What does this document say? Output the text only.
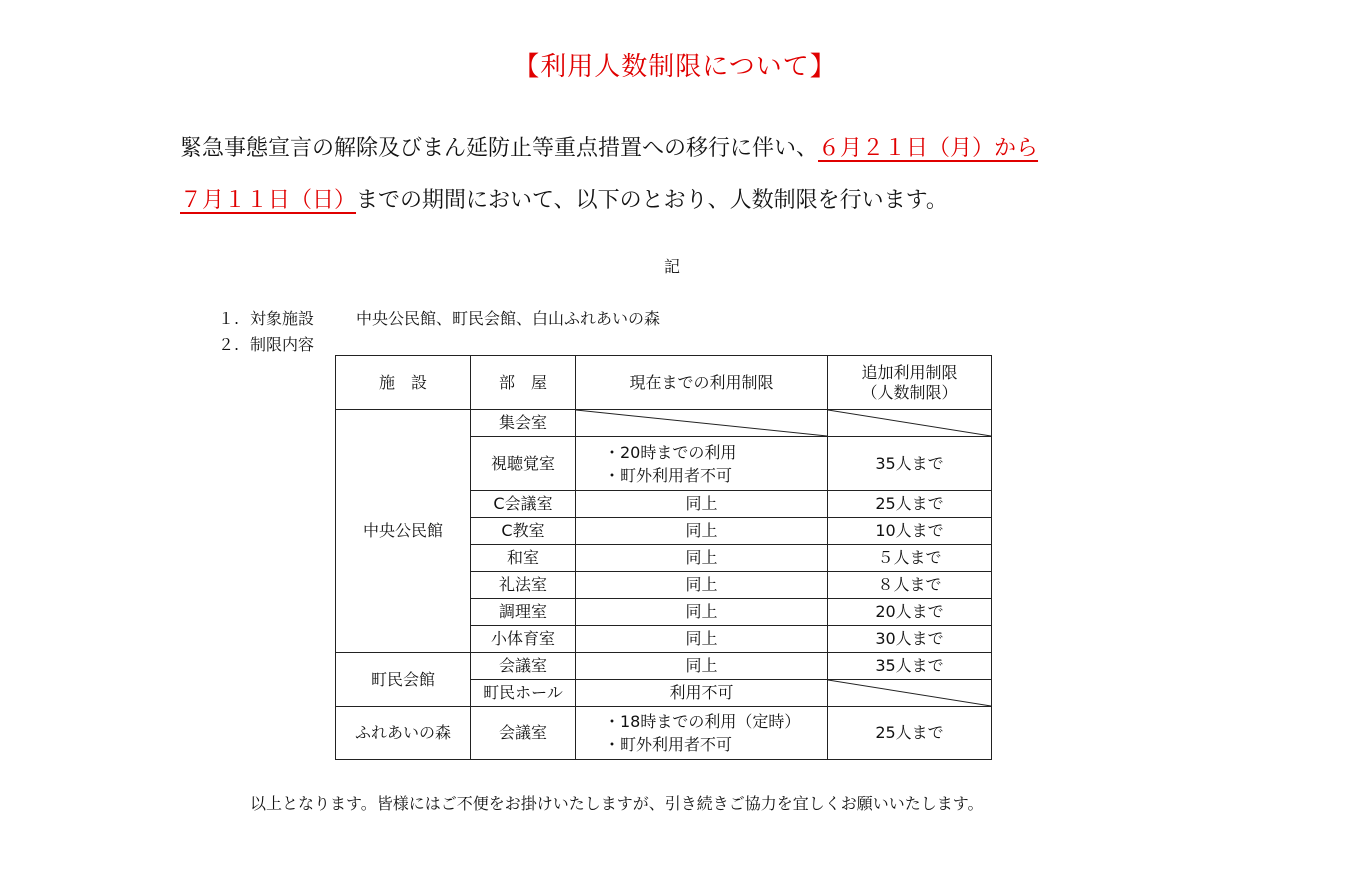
【利用人数制限について】
緊急事態宣言の解除及びまん延防止等重点措置への移行に伴い、６月２１日（月）から
７月１１日（日）までの期間において、以下のとおり、人数制限を行います。
記
１. 対象施設	中央公民館、町民会館、白山ふれあいの森
２. 制限内容
施　設	部　屋	現在までの利用制限	追加利用制限
（人数制限）

中央公民館	集会室	

	視聴覚室	・20時までの利用
・町外利用者不可	35人まで
	C会議室	同上	25人まで
	C教室	同上	10人まで
	和室	同上	５人まで
	礼法室	同上	８人まで
	調理室	同上	20人まで
	小体育室	同上	30人まで
町民会館	会議室	同上	35人まで
	町民ホール	利用不可	

ふれあいの森	会議室	・18時までの利用（定時）
・町外利用者不可	25人まで
以上となります。皆様にはご不便をお掛けいたしますが、引き続きご協力を宜しくお願いいたします。
